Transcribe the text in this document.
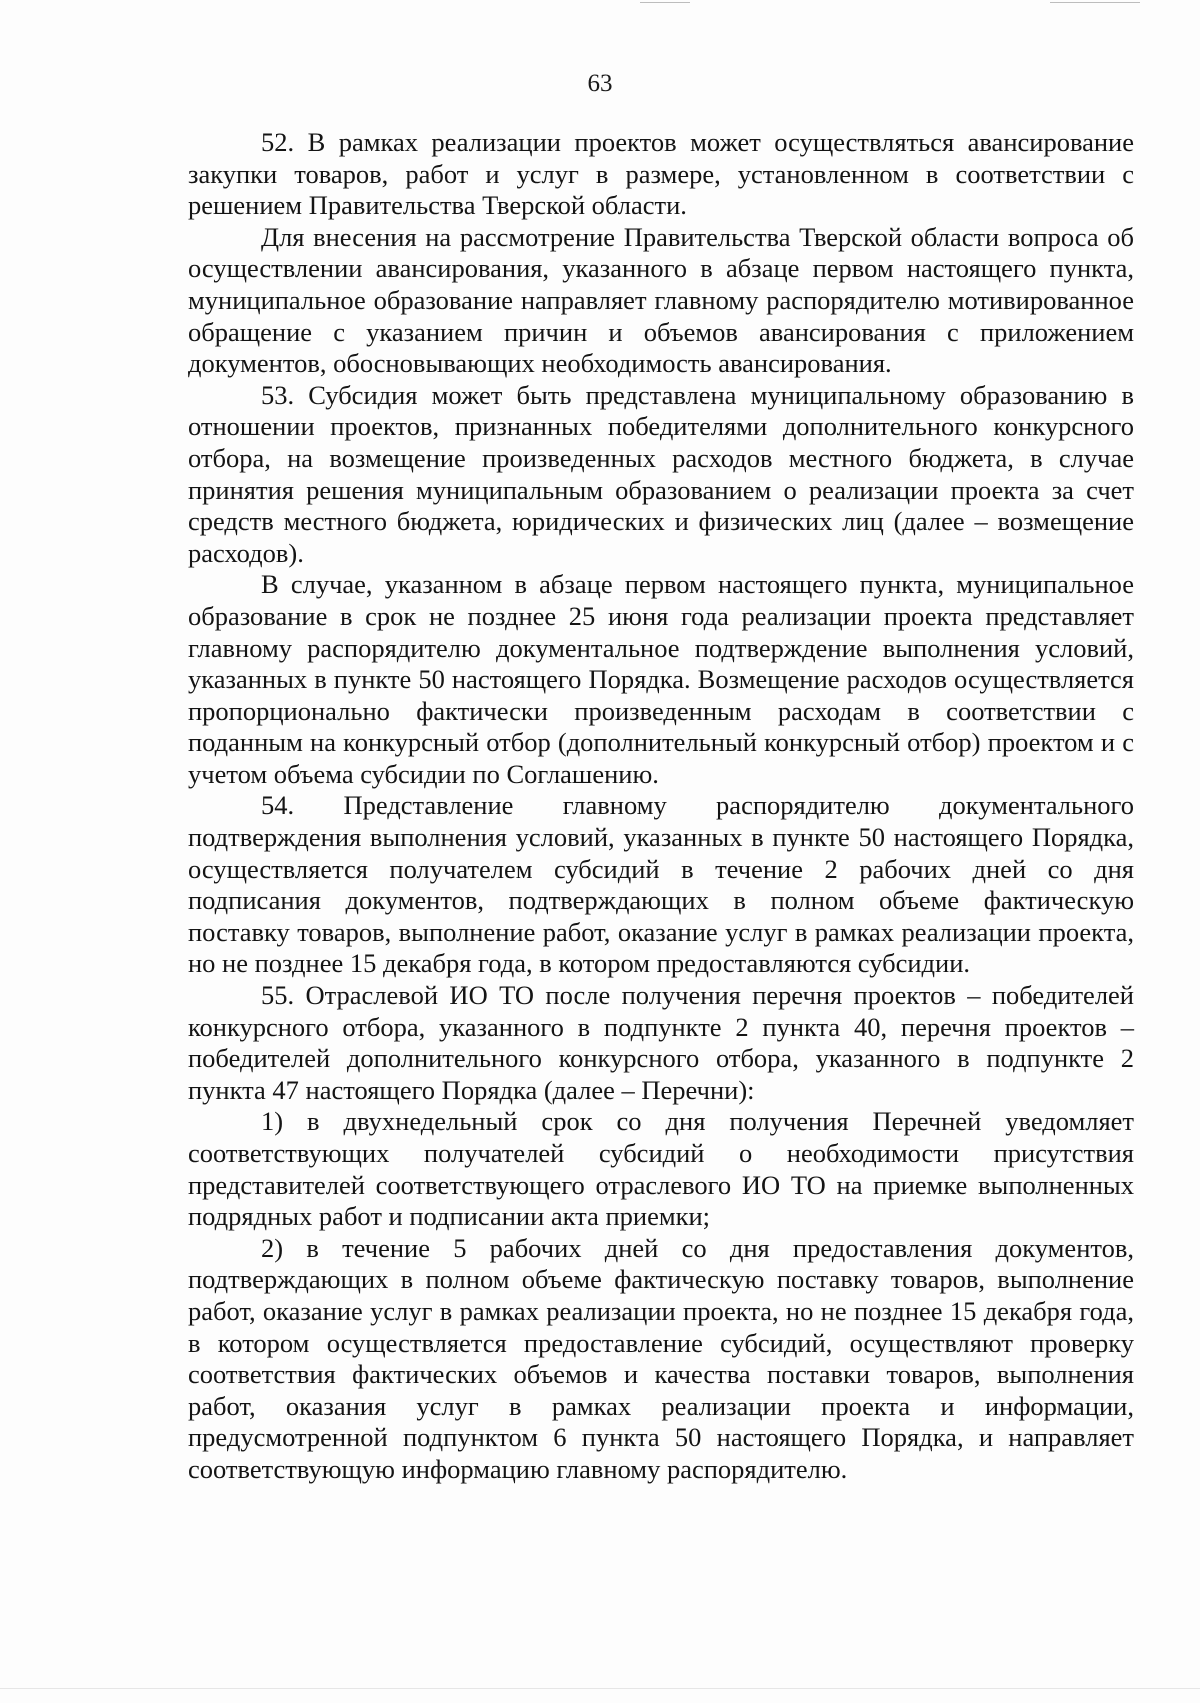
63

52. В рамках реализации проектов может осуществляться авансирование закупки товаров, работ и услуг в размере, установленном в соответствии с решением Правительства Тверской области.

Для внесения на рассмотрение Правительства Тверской области вопроса об осуществлении авансирования, указанного в абзаце первом настоящего пункта, муниципальное образование направляет главному распорядителю мотивированное обращение с указанием причин и объемов авансирования с приложением документов, обосновывающих необходимость авансирования.

53. Субсидия может быть представлена муниципальному образованию в отношении проектов, признанных победителями дополнительного конкурсного отбора, на возмещение произведенных расходов местного бюджета, в случае принятия решения муниципальным образованием о реализации проекта за счет средств местного бюджета, юридических и физических лиц (далее – возмещение расходов).

В случае, указанном в абзаце первом настоящего пункта, муниципальное образование в срок не позднее 25 июня года реализации проекта представляет главному распорядителю документальное подтверждение выполнения условий, указанных в пункте 50 настоящего Порядка. Возмещение расходов осуществляется пропорционально фактически произведенным расходам в соответствии с поданным на конкурсный отбор (дополнительный конкурсный отбор) проектом и с учетом объема субсидии по Соглашению.

54. Представление главному распорядителю документального подтверждения выполнения условий, указанных в пункте 50 настоящего Порядка, осуществляется получателем субсидий в течение 2 рабочих дней со дня подписания документов, подтверждающих в полном объеме фактическую поставку товаров, выполнение работ, оказание услуг в рамках реализации проекта, но не позднее 15 декабря года, в котором предоставляются субсидии.

55. Отраслевой ИО ТО после получения перечня проектов – победителей конкурсного отбора, указанного в подпункте 2 пункта 40, перечня проектов – победителей дополнительного конкурсного отбора, указанного в подпункте 2 пункта 47 настоящего Порядка (далее – Перечни):

1) в двухнедельный срок со дня получения Перечней уведомляет соответствующих получателей субсидий о необходимости присутствия представителей соответствующего отраслевого ИО ТО на приемке выполненных подрядных работ и подписании акта приемки;

2) в течение 5 рабочих дней со дня предоставления документов, подтверждающих в полном объеме фактическую поставку товаров, выполнение работ, оказание услуг в рамках реализации проекта, но не позднее 15 декабря года, в котором осуществляется предоставление субсидий, осуществляют проверку соответствия фактических объемов и качества поставки товаров, выполнения работ, оказания услуг в рамках реализации проекта и информации, предусмотренной подпунктом 6 пункта 50 настоящего Порядка, и направляет соответствующую информацию главному распорядителю.
